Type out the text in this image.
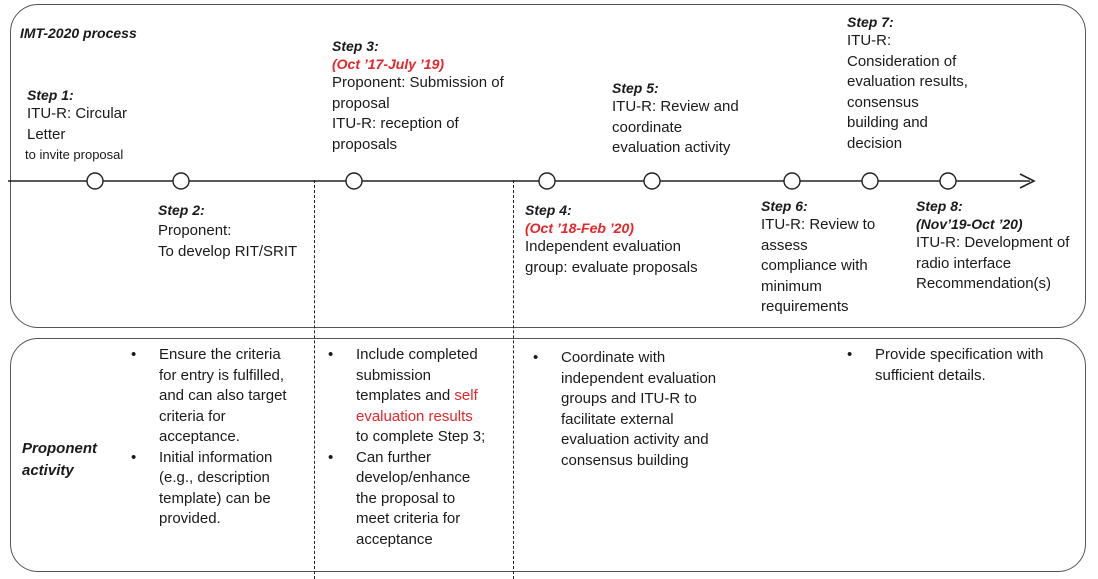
IMT-2020 process
Step 1:
ITU-R: Circular
Letter
to invite proposal
Step 2:
Proponent:
To develop RIT/SRIT
Step 3:
(Oct ’17-July ’19)
Proponent: Submission of
proposal
ITU-R: reception of
proposals
Step 4:
(Oct ’18-Feb ’20)
Independent evaluation
group: evaluate proposals
Step 5:
ITU-R: Review and
coordinate
evaluation activity
Step 6:
ITU-R: Review to
assess
compliance with
minimum
requirements
Step 7:
ITU-R:
Consideration of
evaluation results,
consensus
building and
decision
Step 8:
(Nov’19-Oct ’20)
ITU-R: Development of
radio interface
Recommendation(s)
Proponent
activity
• Ensure the criteria
for entry is fulfilled,
and can also target
criteria for
acceptance.
• Initial information
(e.g., description
template) can be
provided.
• Include completed
submission
templates and self
evaluation results
to complete Step 3;
• Can further
develop/enhance
the proposal to
meet criteria for
acceptance
• Coordinate with
independent evaluation
groups and ITU-R to
facilitate external
evaluation activity and
consensus building
• Provide specification with
sufficient details.
